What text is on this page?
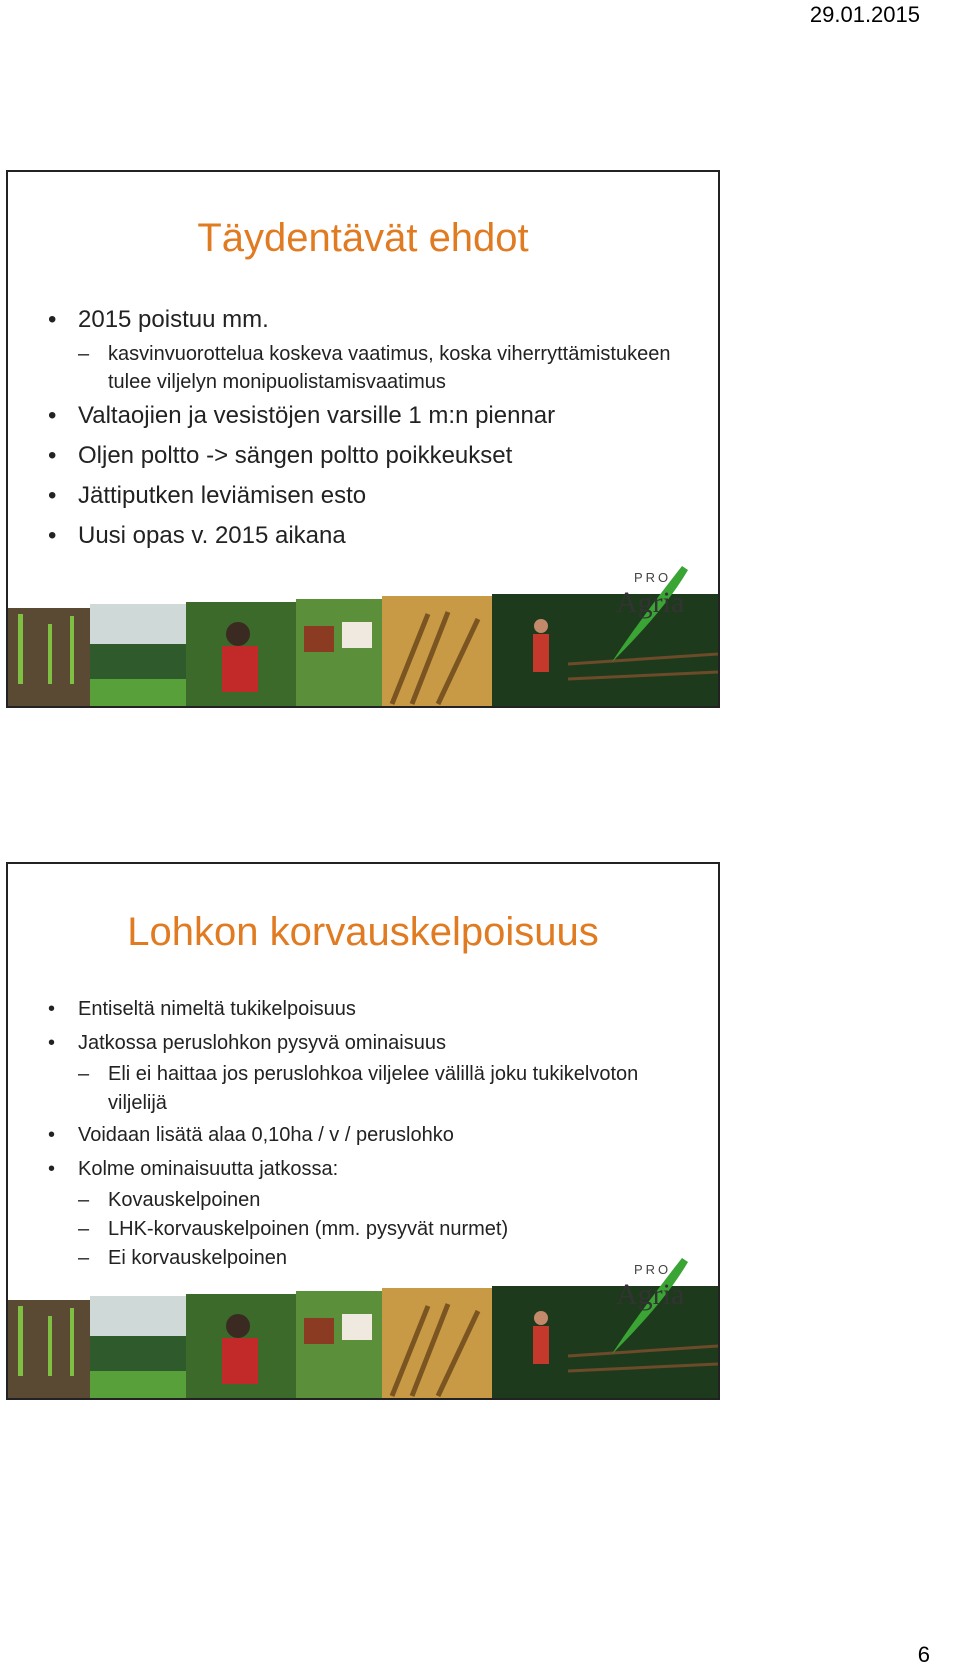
29.01.2015
Täydentävät ehdot
• 2015 poistuu mm.
– kasvinvuorottelua koskeva vaatimus, koska viherryttämistukeen tulee viljelyn monipuolistamisvaatimus
• Valtaojien ja vesistöjen varsille 1 m:n piennar
• Oljen poltto -> sängen poltto poikkeukset
• Jättiputken leviämisen esto
• Uusi opas v. 2015 aikana
PRO
Agria
Lohkon korvauskelpoisuus
• Entiseltä nimeltä tukikelpoisuus
• Jatkossa peruslohkon pysyvä ominaisuus
– Eli ei haittaa jos peruslohkoa viljelee välillä joku tukikelvoton viljelijä
• Voidaan lisätä alaa 0,10ha / v / peruslohko
• Kolme ominaisuutta jatkossa:
– Kovauskelpoinen
– LHK-korvauskelpoinen (mm. pysyvät nurmet)
– Ei korvauskelpoinen
PRO
Agria
6
